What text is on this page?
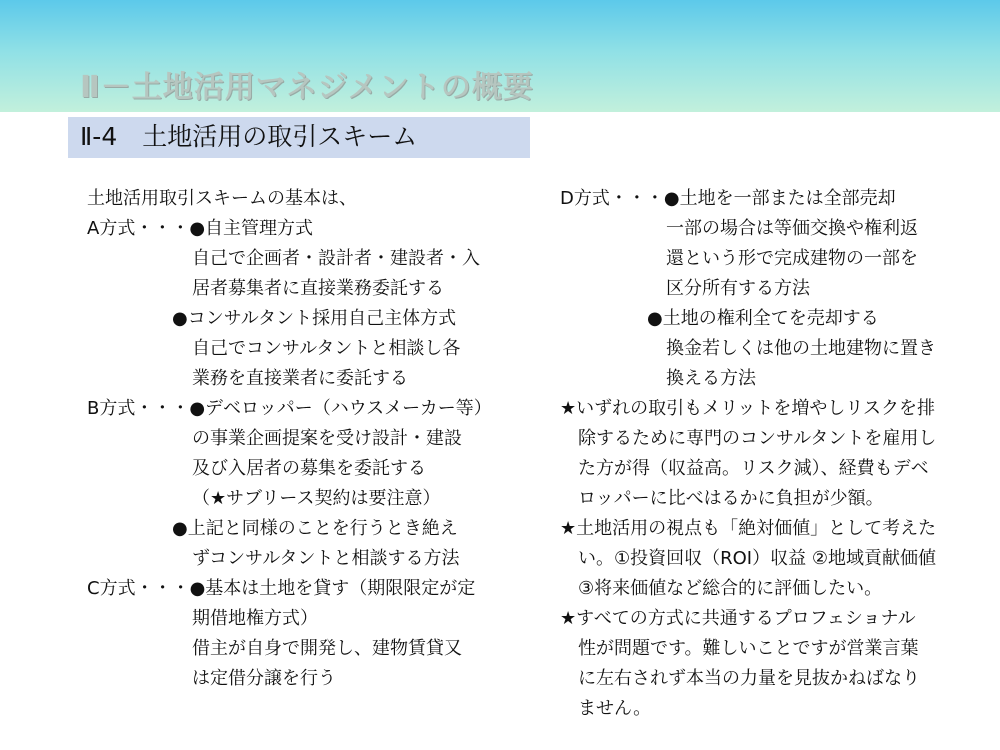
Ⅱ－土地活用マネジメントの概要
Ⅱ-4　土地活用の取引スキーム
土地活用取引スキームの基本は、
A方式・・・●自主管理方式
自己で企画者・設計者・建設者・入
居者募集者に直接業務委託する
●コンサルタント採用自己主体方式
自己でコンサルタントと相談し各
業務を直接業者に委託する
B方式・・・●デベロッパー（ハウスメーカー等）
の事業企画提案を受け設計・建設
及び入居者の募集を委託する
（★サブリース契約は要注意）
●上記と同様のことを行うとき絶え
ずコンサルタントと相談する方法
C方式・・・●基本は土地を貸す（期限限定が定
期借地権方式）
借主が自身で開発し、建物賃貸又
は定借分譲を行う
D方式・・・●土地を一部または全部売却
一部の場合は等価交換や権利返
還という形で完成建物の一部を
区分所有する方法
●土地の権利全てを売却する
換金若しくは他の土地建物に置き
換える方法
★いずれの取引もメリットを増やしリスクを排
除するために専門のコンサルタントを雇用し
た方が得（収益高。リスク減）、経費もデベ
ロッパーに比べはるかに負担が少額。
★土地活用の視点も「絶対価値」として考えた
い。①投資回収（ROI）収益 ②地域貢献価値
③将来価値など総合的に評価したい。
★すべての方式に共通するプロフェショナル
性が問題です。難しいことですが営業言葉
に左右されず本当の力量を見抜かねばなり
ません。
